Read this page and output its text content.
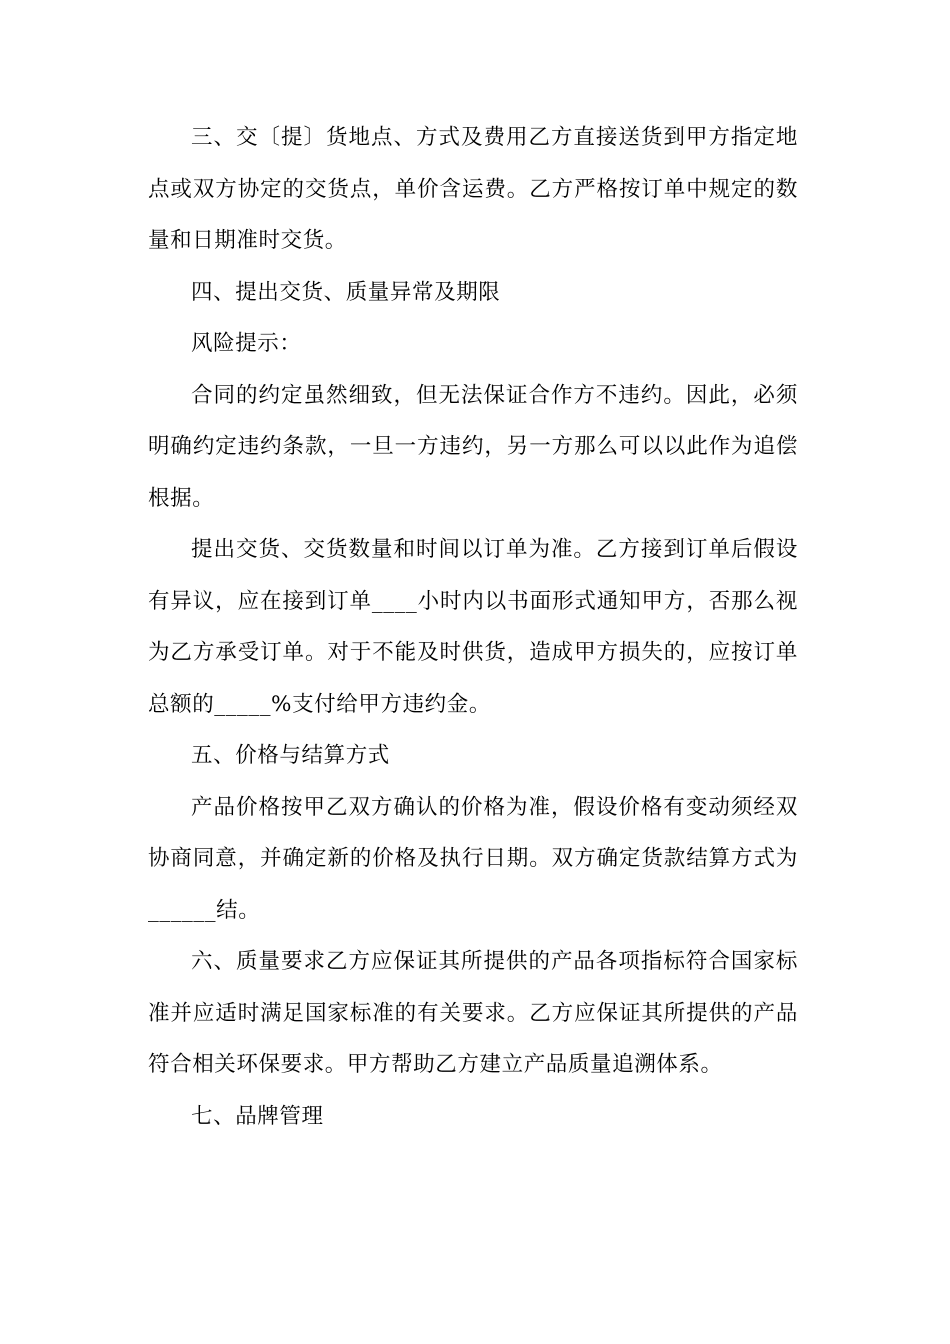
三、交〔提〕货地点、方式及费用乙方直接送货到甲方指定地点或双方协定的交货点，单价含运费。乙方严格按订单中规定的数量和日期准时交货。

四、提出交货、质量异常及期限

风险提示：

合同的约定虽然细致，但无法保证合作方不违约。因此，必须明确约定违约条款，一旦一方违约，另一方那么可以以此作为追偿根据。

提出交货、交货数量和时间以订单为准。乙方接到订单后假设有异议，应在接到订单____小时内以书面形式通知甲方，否那么视为乙方承受订单。对于不能及时供货，造成甲方损失的，应按订单总额的_____%支付给甲方违约金。

五、价格与结算方式

产品价格按甲乙双方确认的价格为准，假设价格有变动须经双协商同意，并确定新的价格及执行日期。双方确定货款结算方式为______结。

六、质量要求乙方应保证其所提供的产品各项指标符合国家标准并应适时满足国家标准的有关要求。乙方应保证其所提供的产品符合相关环保要求。甲方帮助乙方建立产品质量追溯体系。

七、品牌管理
